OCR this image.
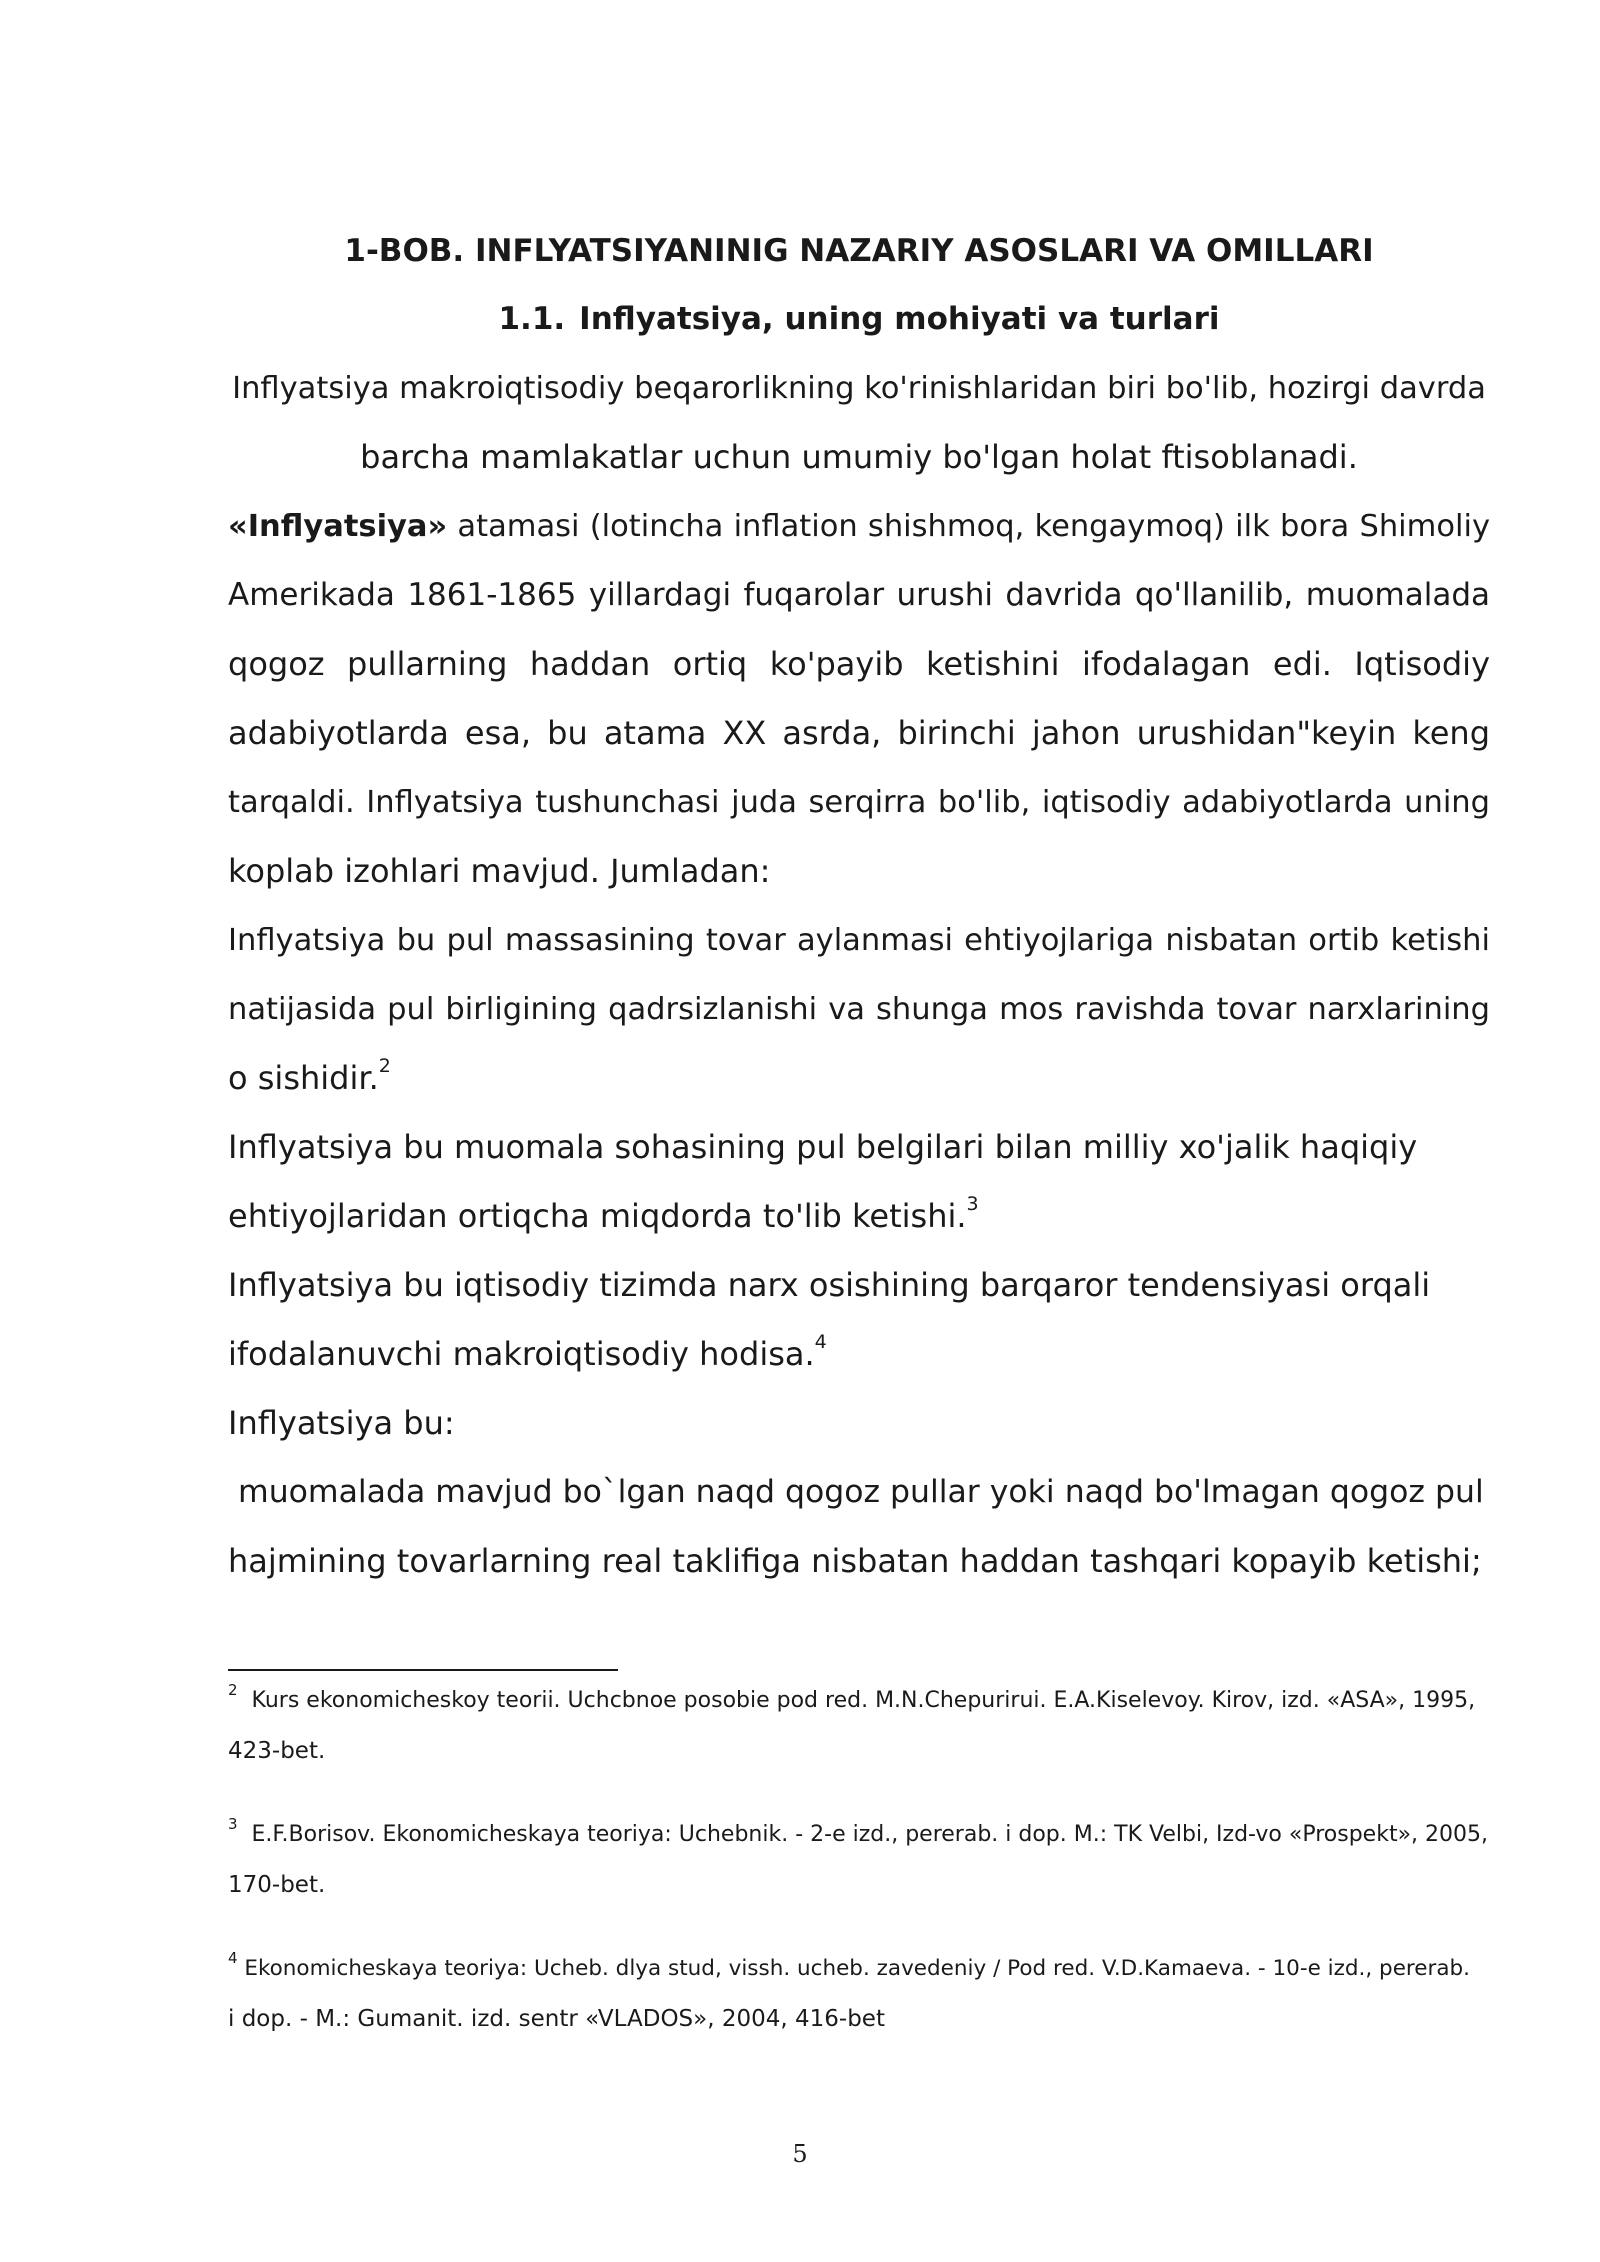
1-BOB. INFLYATSIYANINIG NAZARIY ASOSLARI VA OMILLARI
1.1. Inflyatsiya, uning mohiyati va turlari

Inflyatsiya makroiqtisodiy beqarorlikning ko'rinishlaridan biri bo'lib, hozirgi davrda

barcha mamlakatlar uchun umumiy bo'lgan holat ftisoblanadi.

«Inflyatsiya» atamasi (lotincha inflation shishmoq, kengaymoq) ilk bora Shimoliy

Amerikada 1861-1865 yillardagi fuqarolar urushi davrida qo'llanilib, muomalada

qogoz pullarning haddan ortiq ko'payib ketishini ifodalagan edi. Iqtisodiy

adabiyotlarda esa, bu atama XX asrda, birinchi jahon urushidan"keyin keng

tarqaldi. Inflyatsiya tushunchasi juda serqirra bo'lib, iqtisodiy adabiyotlarda uning

koplab izohlari mavjud. Jumladan:

Inflyatsiya bu pul massasining tovar aylanmasi ehtiyojlariga nisbatan ortib ketishi

natijasida pul birligining qadrsizlanishi va shunga mos ravishda tovar narxlarining

o sishidir.$^2$

Inflyatsiya bu muomala sohasining pul belgilari bilan milliy xo'jalik haqiqiy

ehtiyojlaridan ortiqcha miqdorda to'lib ketishi.$^3$

Inflyatsiya bu iqtisodiy tizimda narx osishining barqaror tendensiyasi orqali

ifodalanuvchi makroiqtisodiy hodisa.$^4$

Inflyatsiya bu:

muomalada mavjud bo`lgan naqd qogoz pullar yoki naqd bo'lmagan qogoz pul

hajmining tovarlarning real taklifiga nisbatan haddan tashqari kopayib ketishi;

$^2$  Kurs ekonomicheskoy teorii. Uchcbnoe posobie pod red. M.N.Chepurirui. E.A.Kiselevoy. Kirov, izd. «ASA», 1995,

423-bet.

$^3$  E.F.Borisov. Ekonomicheskaya teoriya: Uchebnik. - 2-e izd., pererab. i dop. M.: TK Velbi, Izd-vo «Prospekt», 2005,

170-bet.

$^4$ Ekonomicheskaya teoriya: Ucheb. dlya stud, vissh. ucheb. zavedeniy / Pod red. V.D.Kamaeva. - 10-e izd., pererab.

i dop. - M.: Gumanit. izd. sentr «VLADOS», 2004, 416-bet

5
